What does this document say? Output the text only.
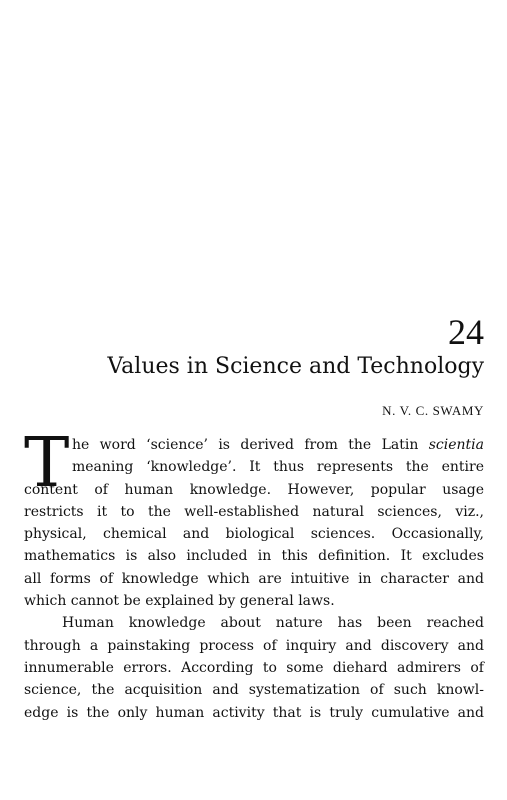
24
Values in Science and Technology
N. V. C. SWAMY
T he word ‘science’ is derived from the Latin scientia
meaning ‘knowledge’. It thus represents the entire
content of human knowledge. However, popular usage
restricts it to the well-established natural sciences, viz.,
physical, chemical and biological sciences. Occasionally,
mathematics is also included in this definition. It excludes
all forms of knowledge which are intuitive in character and
which cannot be explained by general laws.
Human knowledge about nature has been reached
through a painstaking process of inquiry and discovery and
innumerable errors. According to some diehard admirers of
science, the acquisition and systematization of such knowl-
edge is the only human activity that is truly cumulative and
